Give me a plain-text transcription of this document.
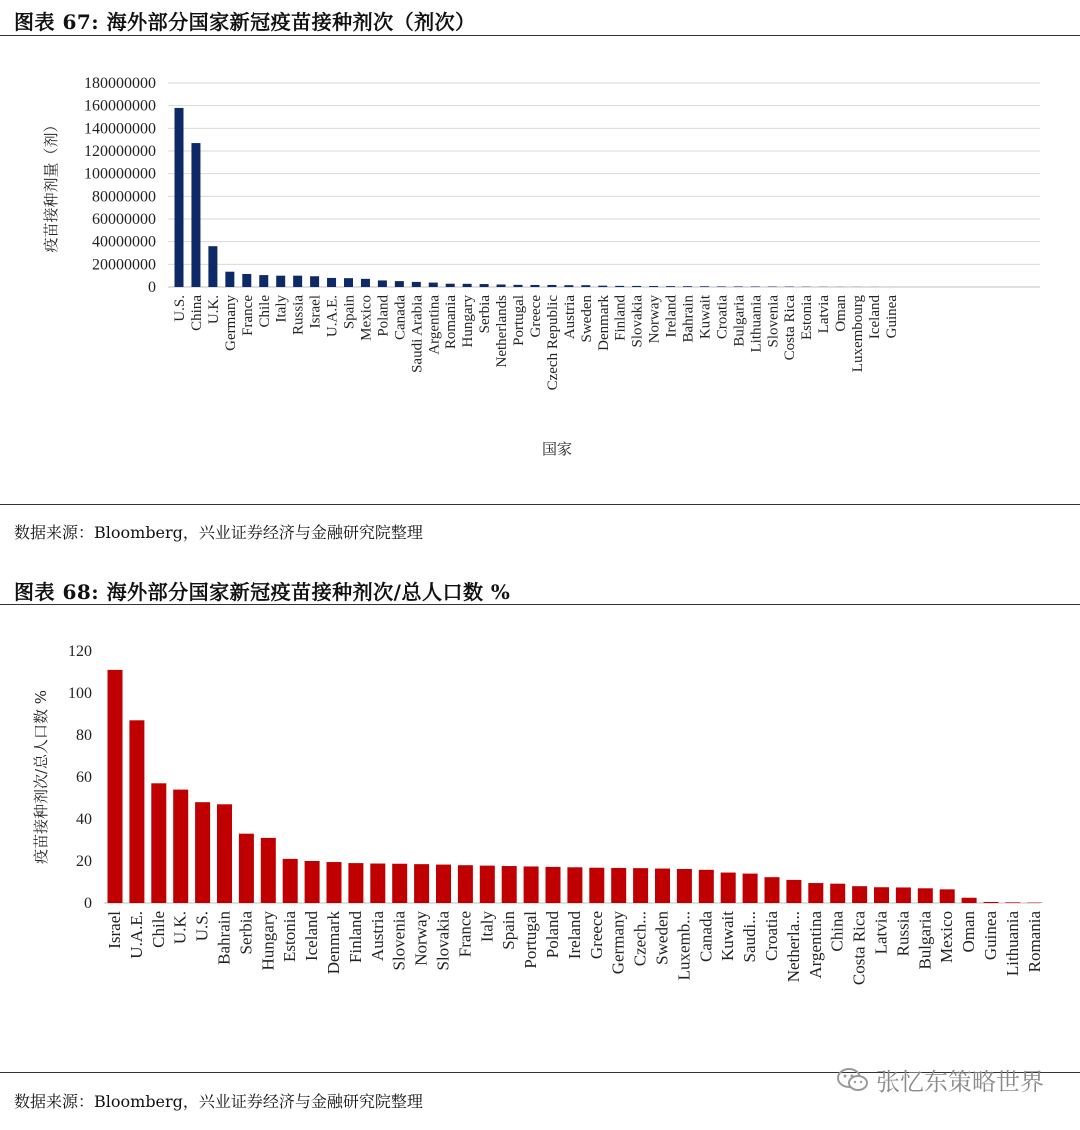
图表 67: 海外部分国家新冠疫苗接种剂次（剂次）
0
20000000
40000000
60000000
80000000
100000000
120000000
140000000
160000000
180000000
U.S. China U.K. Germany France Chile Italy Russia Israel U.A.E. Spain Mexico Poland Canada Saudi Arabia Argentina Romania Hungary Serbia Netherlands Portugal Greece Czech Republic Austria Sweden Denmark Finland Slovakia Norway Ireland Bahrain Kuwait Croatia Bulgaria Lithuania Slovenia Costa Rica Estonia Latvia Oman Luxembourg Iceland Guinea
疫苗接种剂量（剂）
国家
数据来源：Bloomberg，兴业证券经济与金融研究院整理
图表 68: 海外部分国家新冠疫苗接种剂次/总人口数 %
0
20
40
60
80
100
120
Israel U.A.E. Chile U.K. U.S. Bahrain Serbia Hungary Estonia Iceland Denmark Finland Austria Slovenia Norway Slovakia France Italy Spain Portugal Poland Ireland Greece Germany Czech... Sweden Luxemb... Canada Kuwait Saudi... Croatia Netherla... Argentina China Costa Rica Latvia Russia Bulgaria Mexico Oman Guinea Lithuania Romania
疫苗接种剂次/总人口数 %
数据来源：Bloomberg，兴业证券经济与金融研究院整理
张忆东策略世界
